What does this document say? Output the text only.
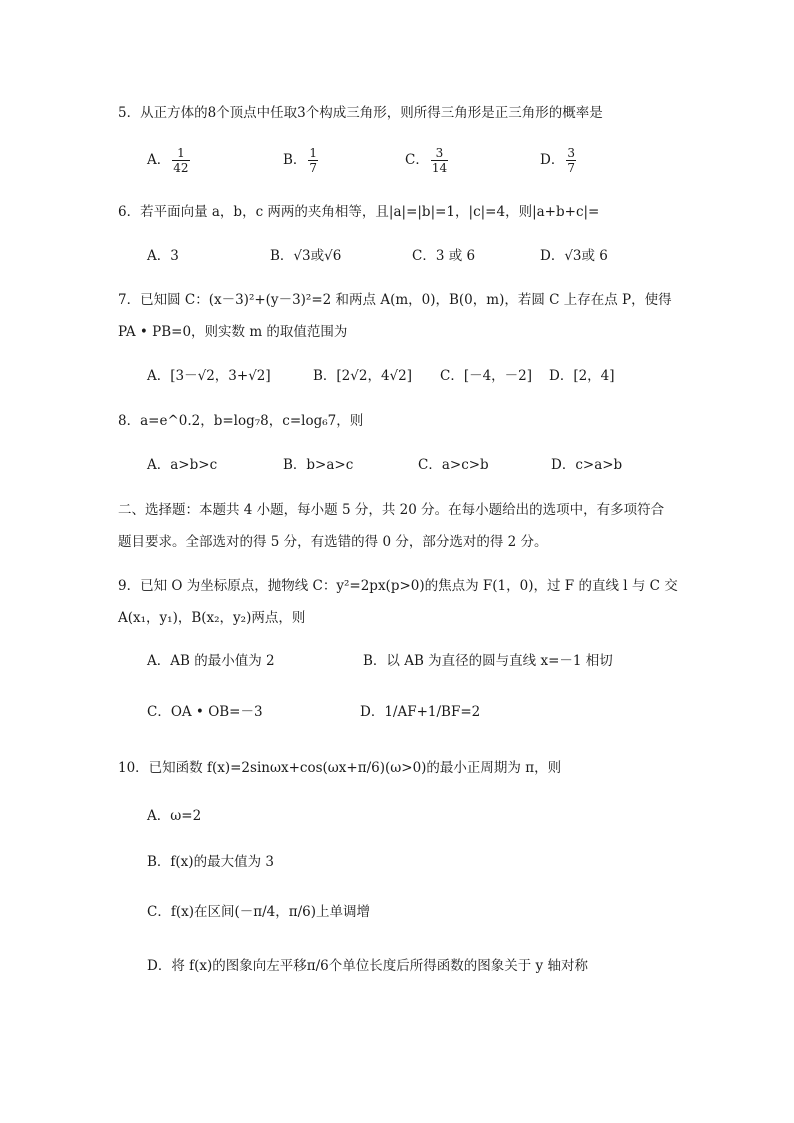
5．从正方体的8个顶点中任取3个构成三角形，则所得三角形是正三角形的概率是
A． $\frac{1}{42}$	B． $\frac{1}{7}$	C． $\frac{3}{14}$	D． $\frac{3}{7}$
6．若平面向量 a，b，c 两两的夹角相等，且|a|=|b|=1，|c|=4，则|a+b+c|=
A．3	B．√3或√6	C．3 或 6	D．√3或 6
7．已知圆 C：(x－3)²+(y－3)²=2 和两点 A(m，0)，B(0，m)，若圆 C 上存在点 P，使得
PA • PB=0，则实数 m 的取值范围为
A．[3－√2，3+√2]	B．[2√2，4√2] C．[－4，－2] D．[2，4]
8．a=e^0.2，b=log₇8，c=log₆7，则
A．a>b>c	B．b>a>c	C．a>c>b	D．c>a>b
二、选择题：本题共 4 小题，每小题 5 分，共 20 分。在每小题给出的选项中，有多项符合
题目要求。全部选对的得 5 分，有选错的得 0 分，部分选对的得 2 分。
9．已知 O 为坐标原点，抛物线 C：y²=2px(p>0)的焦点为 F(1，0)，过 F 的直线 l 与 C 交
A(x₁，y₁)，B(x₂，y₂)两点，则
A．AB 的最小值为 2	B．以 AB 为直径的圆与直线 x=－1 相切
C．OA • OB=－3	D．1/AF+1/BF=2
10．已知函数 f(x)=2sinωx+cos(ωx+π/6)(ω>0)的最小正周期为 π，则
A．ω=2
B．f(x)的最大值为 3
C．f(x)在区间(－π/4，π/6)上单调增
D．将 f(x)的图象向左平移π/6个单位长度后所得函数的图象关于 y 轴对称
